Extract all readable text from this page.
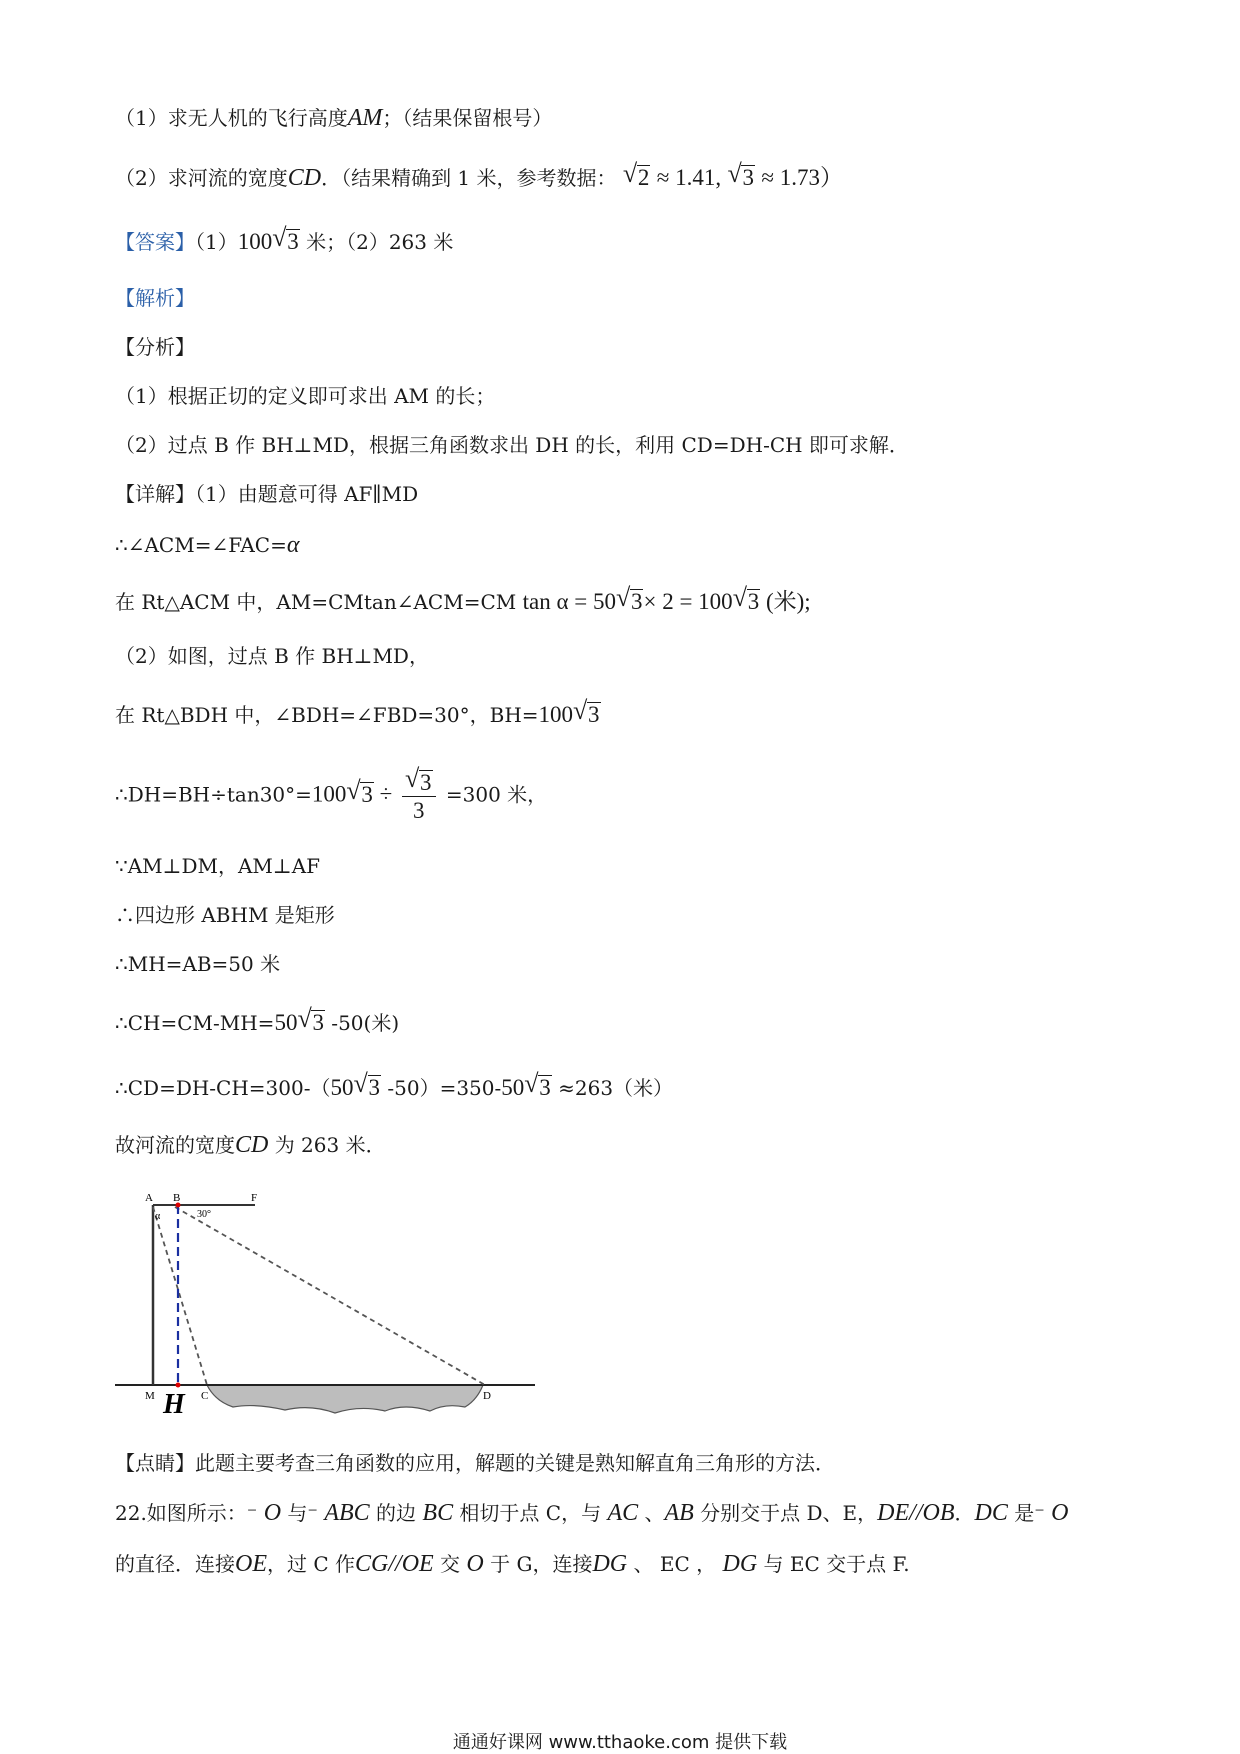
（1）求无人机的飞行高度AM；（结果保留根号）
（2）求河流的宽度CD．（结果精确到 1 米，参考数据： √ 2 ≈ 1.41, √ 3 ≈ 1.73）
【答案】（1）100 √ 3 米；（2）263 米
【解析】
【分析】
（1）根据正切的定义即可求出 AM 的长；
（2）过点 B 作 BH⊥MD，根据三角函数求出 DH 的长，利用 CD=DH-CH 即可求解．
【详解】（1）由题意可得 AF∥MD
∴∠ACM=∠FAC=α
在 Rt△ACM 中，AM=CMtan∠ACM=CM tan α = 50 √ 3× 2 = 100 √ 3 (米);
（2）如图，过点 B 作 BH⊥MD，
在 Rt△BDH 中，∠BDH=∠FBD=30°，BH=100 √ 3
∴DH=BH÷tan30°=100 √ $3 \div \frac{√ 3}{3} =300$ 米，
∵AM⊥DM，AM⊥AF
∴四边形 ABHM 是矩形
∴MH=AB=50 米
∴CH=CM-MH=50 √ 3 -50(米)
∴CD=DH-CH=300-（50 √ 3 -50）=350-50 √ 3 ≈263（米）
故河流的宽度CD 为 263 米．
A B	F
α	30°
M	C	D
H
【点睛】此题主要考查三角函数的应用，解题的关键是熟知解直角三角形的方法．
22.如图所示：⁻ O 与⁻ ABC 的边 BC 相切于点 C，与 AC 、AB 分别交于点 D、E，DE//OB．DC 是⁻ O
的直径．连接OE，过 C 作CG//OE 交 O 于 G，连接DG 、 EC ， DG 与 EC 交于点 F.
通通好课网 www.tthaoke.com 提供下载
